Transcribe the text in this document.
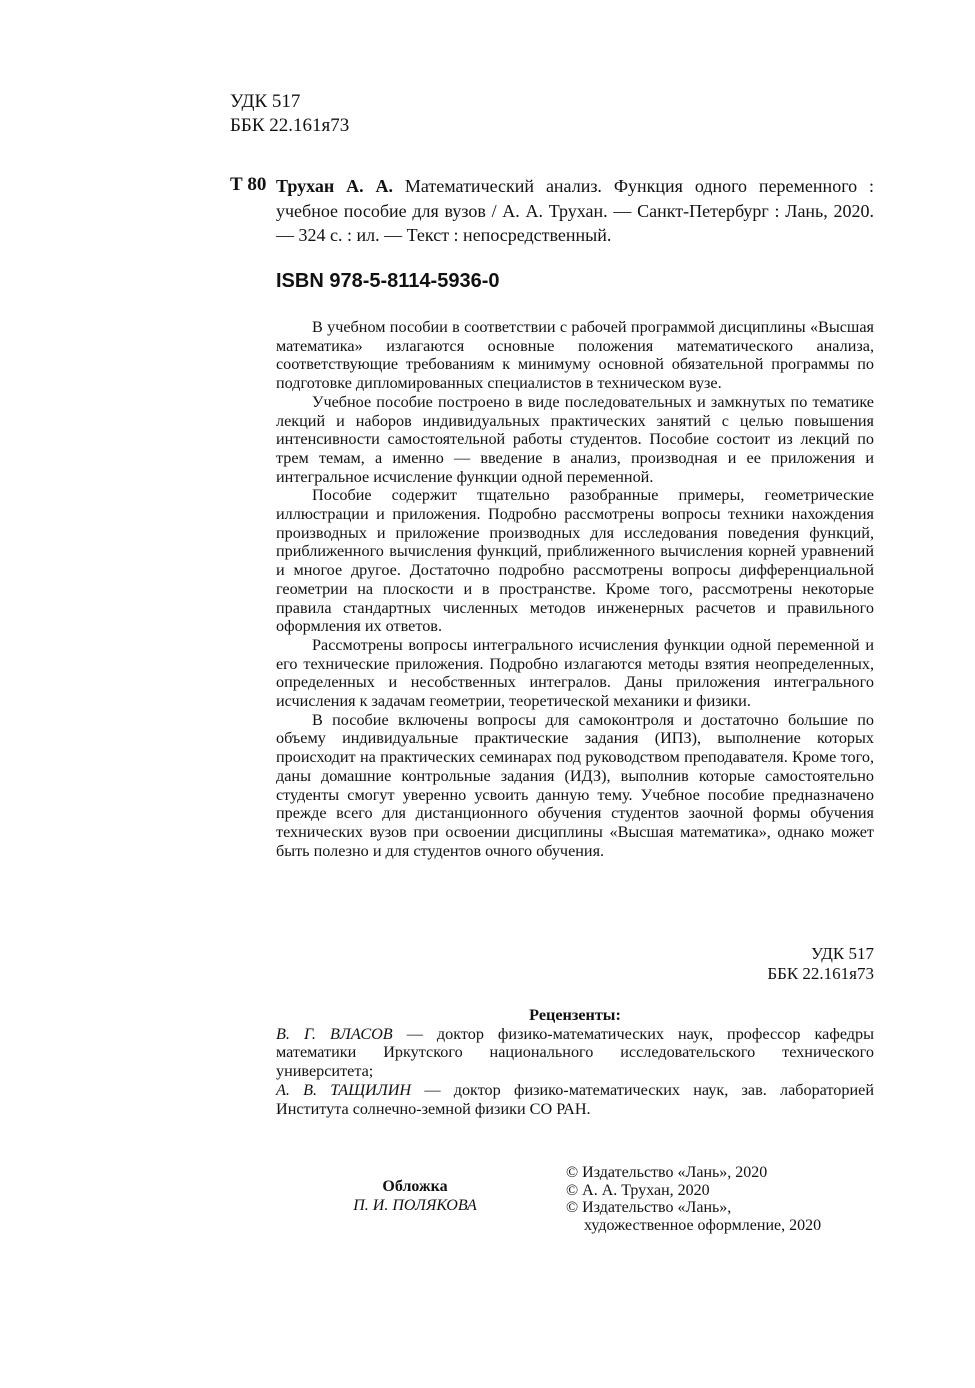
УДК 517
ББК 22.161я73
Т 80 Трухан А. А. Математический анализ. Функция одного переменного : учебное пособие для вузов / А. А. Трухан. — Санкт-Петербург : Лань, 2020. — 324 с. : ил. — Текст : непосредственный.
ISBN 978-5-8114-5936-0

В учебном пособии в соответствии с рабочей программой дисциплины «Высшая математика» излагаются основные положения математического анализа, соответствующие требованиям к минимуму основной обязательной программы по подготовке дипломированных специалистов в техническом вузе.

Учебное пособие построено в виде последовательных и замкнутых по тематике лекций и наборов индивидуальных практических занятий с целью повышения интенсивности самостоятельной работы студентов. Пособие состоит из лекций по трем темам, а именно — введение в анализ, производная и ее приложения и интегральное исчисление функции одной переменной.

Пособие содержит тщательно разобранные примеры, геометрические иллюстрации и приложения. Подробно рассмотрены вопросы техники нахождения производных и приложение производных для исследования поведения функций, приближенного вычисления функций, приближенного вычисления корней уравнений и многое другое. Достаточно подробно рассмотрены вопросы дифференциальной геометрии на плоскости и в пространстве. Кроме того, рассмотрены некоторые правила стандартных численных методов инженерных расчетов и правильного оформления их ответов.

Рассмотрены вопросы интегрального исчисления функции одной переменной и его технические приложения. Подробно излагаются методы взятия неопределенных, определенных и несобственных интегралов. Даны приложения интегрального исчисления к задачам геометрии, теоретической механики и физики.

В пособие включены вопросы для самоконтроля и достаточно большие по объему индивидуальные практические задания (ИПЗ), выполнение которых происходит на практических семинарах под руководством преподавателя. Кроме того, даны домашние контрольные задания (ИДЗ), выполнив которые самостоятельно студенты смогут уверенно усвоить данную тему. Учебное пособие предназначено прежде всего для дистанционного обучения студентов заочной формы обучения технических вузов при освоении дисциплины «Высшая математика», однако может быть полезно и для студентов очного обучения.

УДК 517
ББК 22.161я73
Рецензенты:

В. Г. ВЛАСОВ — доктор физико-математических наук, профессор кафедры математики Иркутского национального исследовательского технического университета;

А. В. ТАЩИЛИН — доктор физико-математических наук, зав. лабораторией Института солнечно-земной физики СО РАН.

Обложка
П. И. ПОЛЯКОВА
© Издательство «Лань», 2020
© А. А. Трухан, 2020
© Издательство «Лань»,
художественное оформление, 2020
